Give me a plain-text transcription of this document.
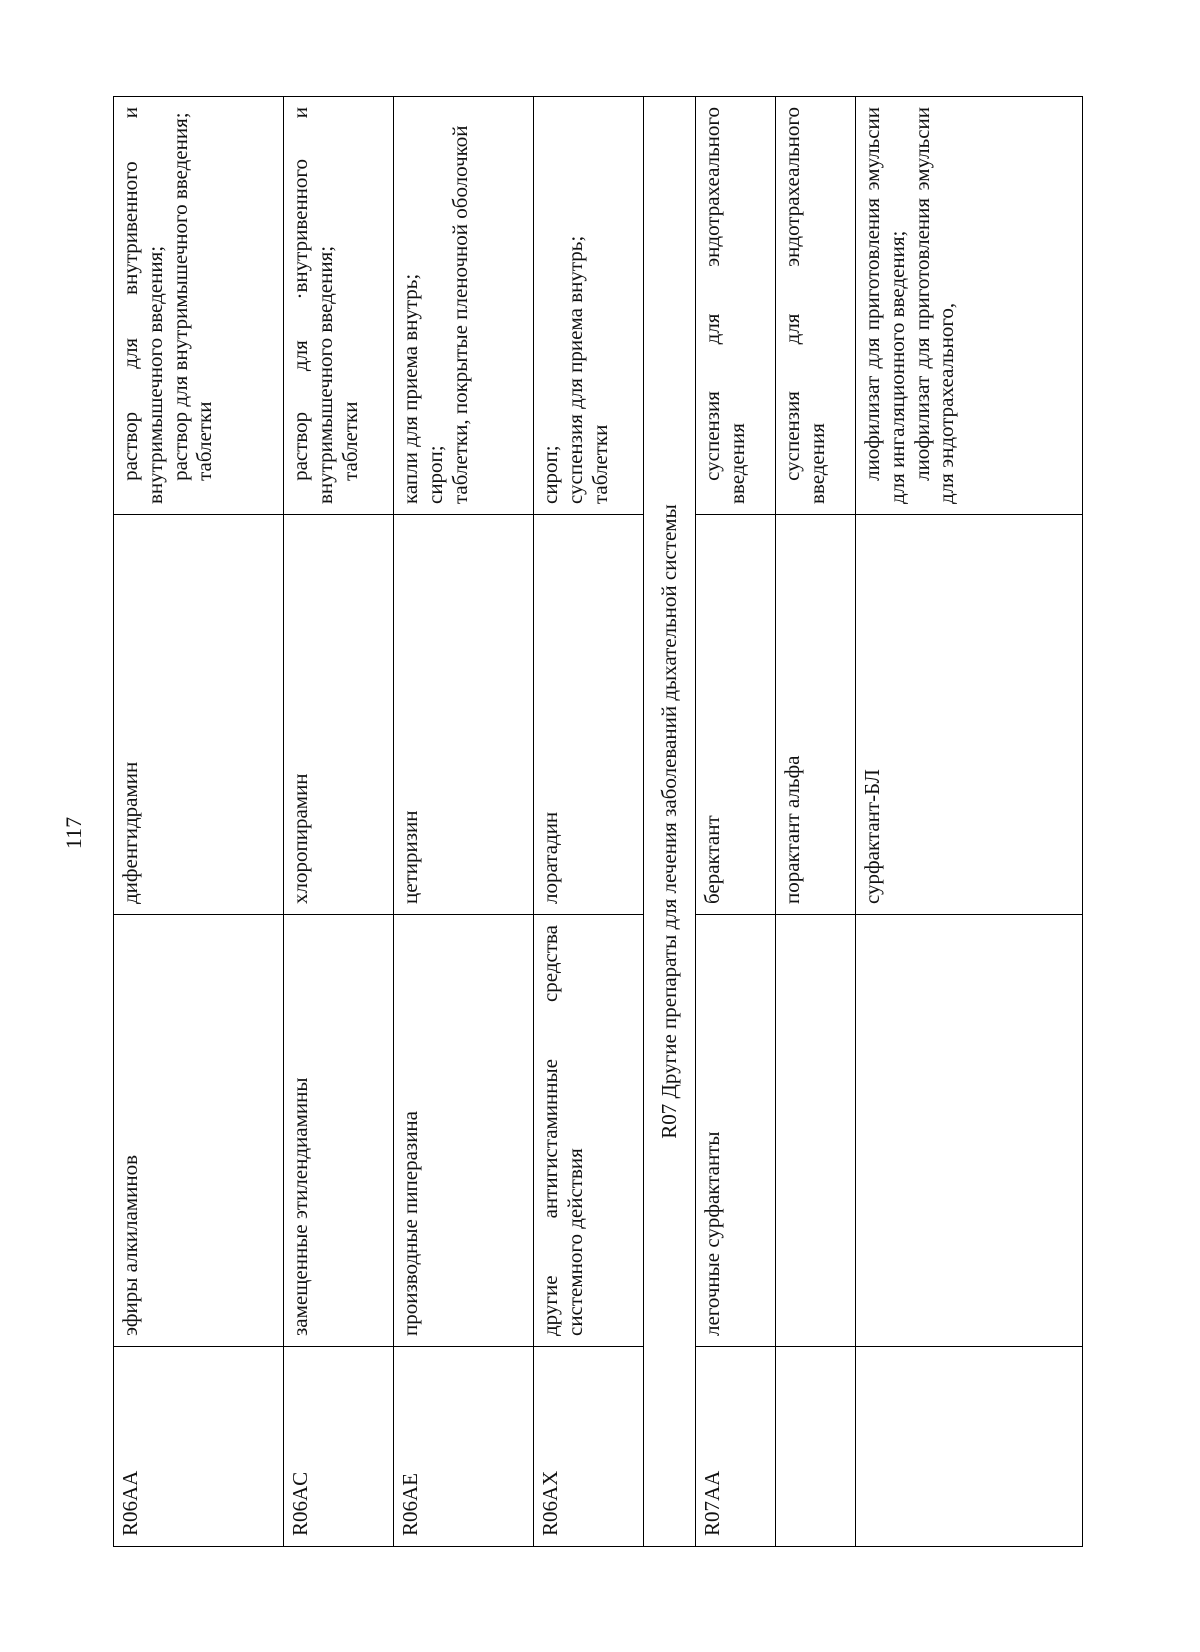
117
R06AA	эфиры алкиламинов	дифенгидрамин	раствор для внутривенного и внутримышечного введения; раствор для внутримышечного введения; таблетки

R06AC	замещенные этилендиамины	хлоропирамин	раствор для ·внутривенного и внутримышечного введения; таблетки

R06AE	производные пиперазина	цетиризин	капли для приема внутрь; сироп; таблетки, покрытые пленочной оболочкой

R06AX	другие антигистаминные средства системного действия	лоратадин	сироп; суспензия для приема внутрь; таблетки

R07 Другие препараты для лечения заболеваний дыхательной системы			
R07AA	легочные сурфактанты	берактант	суспензия для эндотрахеального введения

		порактант альфа	суспензия для эндотрахеального введения

		сурфактант-БЛ	лиофилизат для приготовления эмульсии для ингаляционного введения; лиофилизат для приготовления эмульсии для эндотрахеального,
